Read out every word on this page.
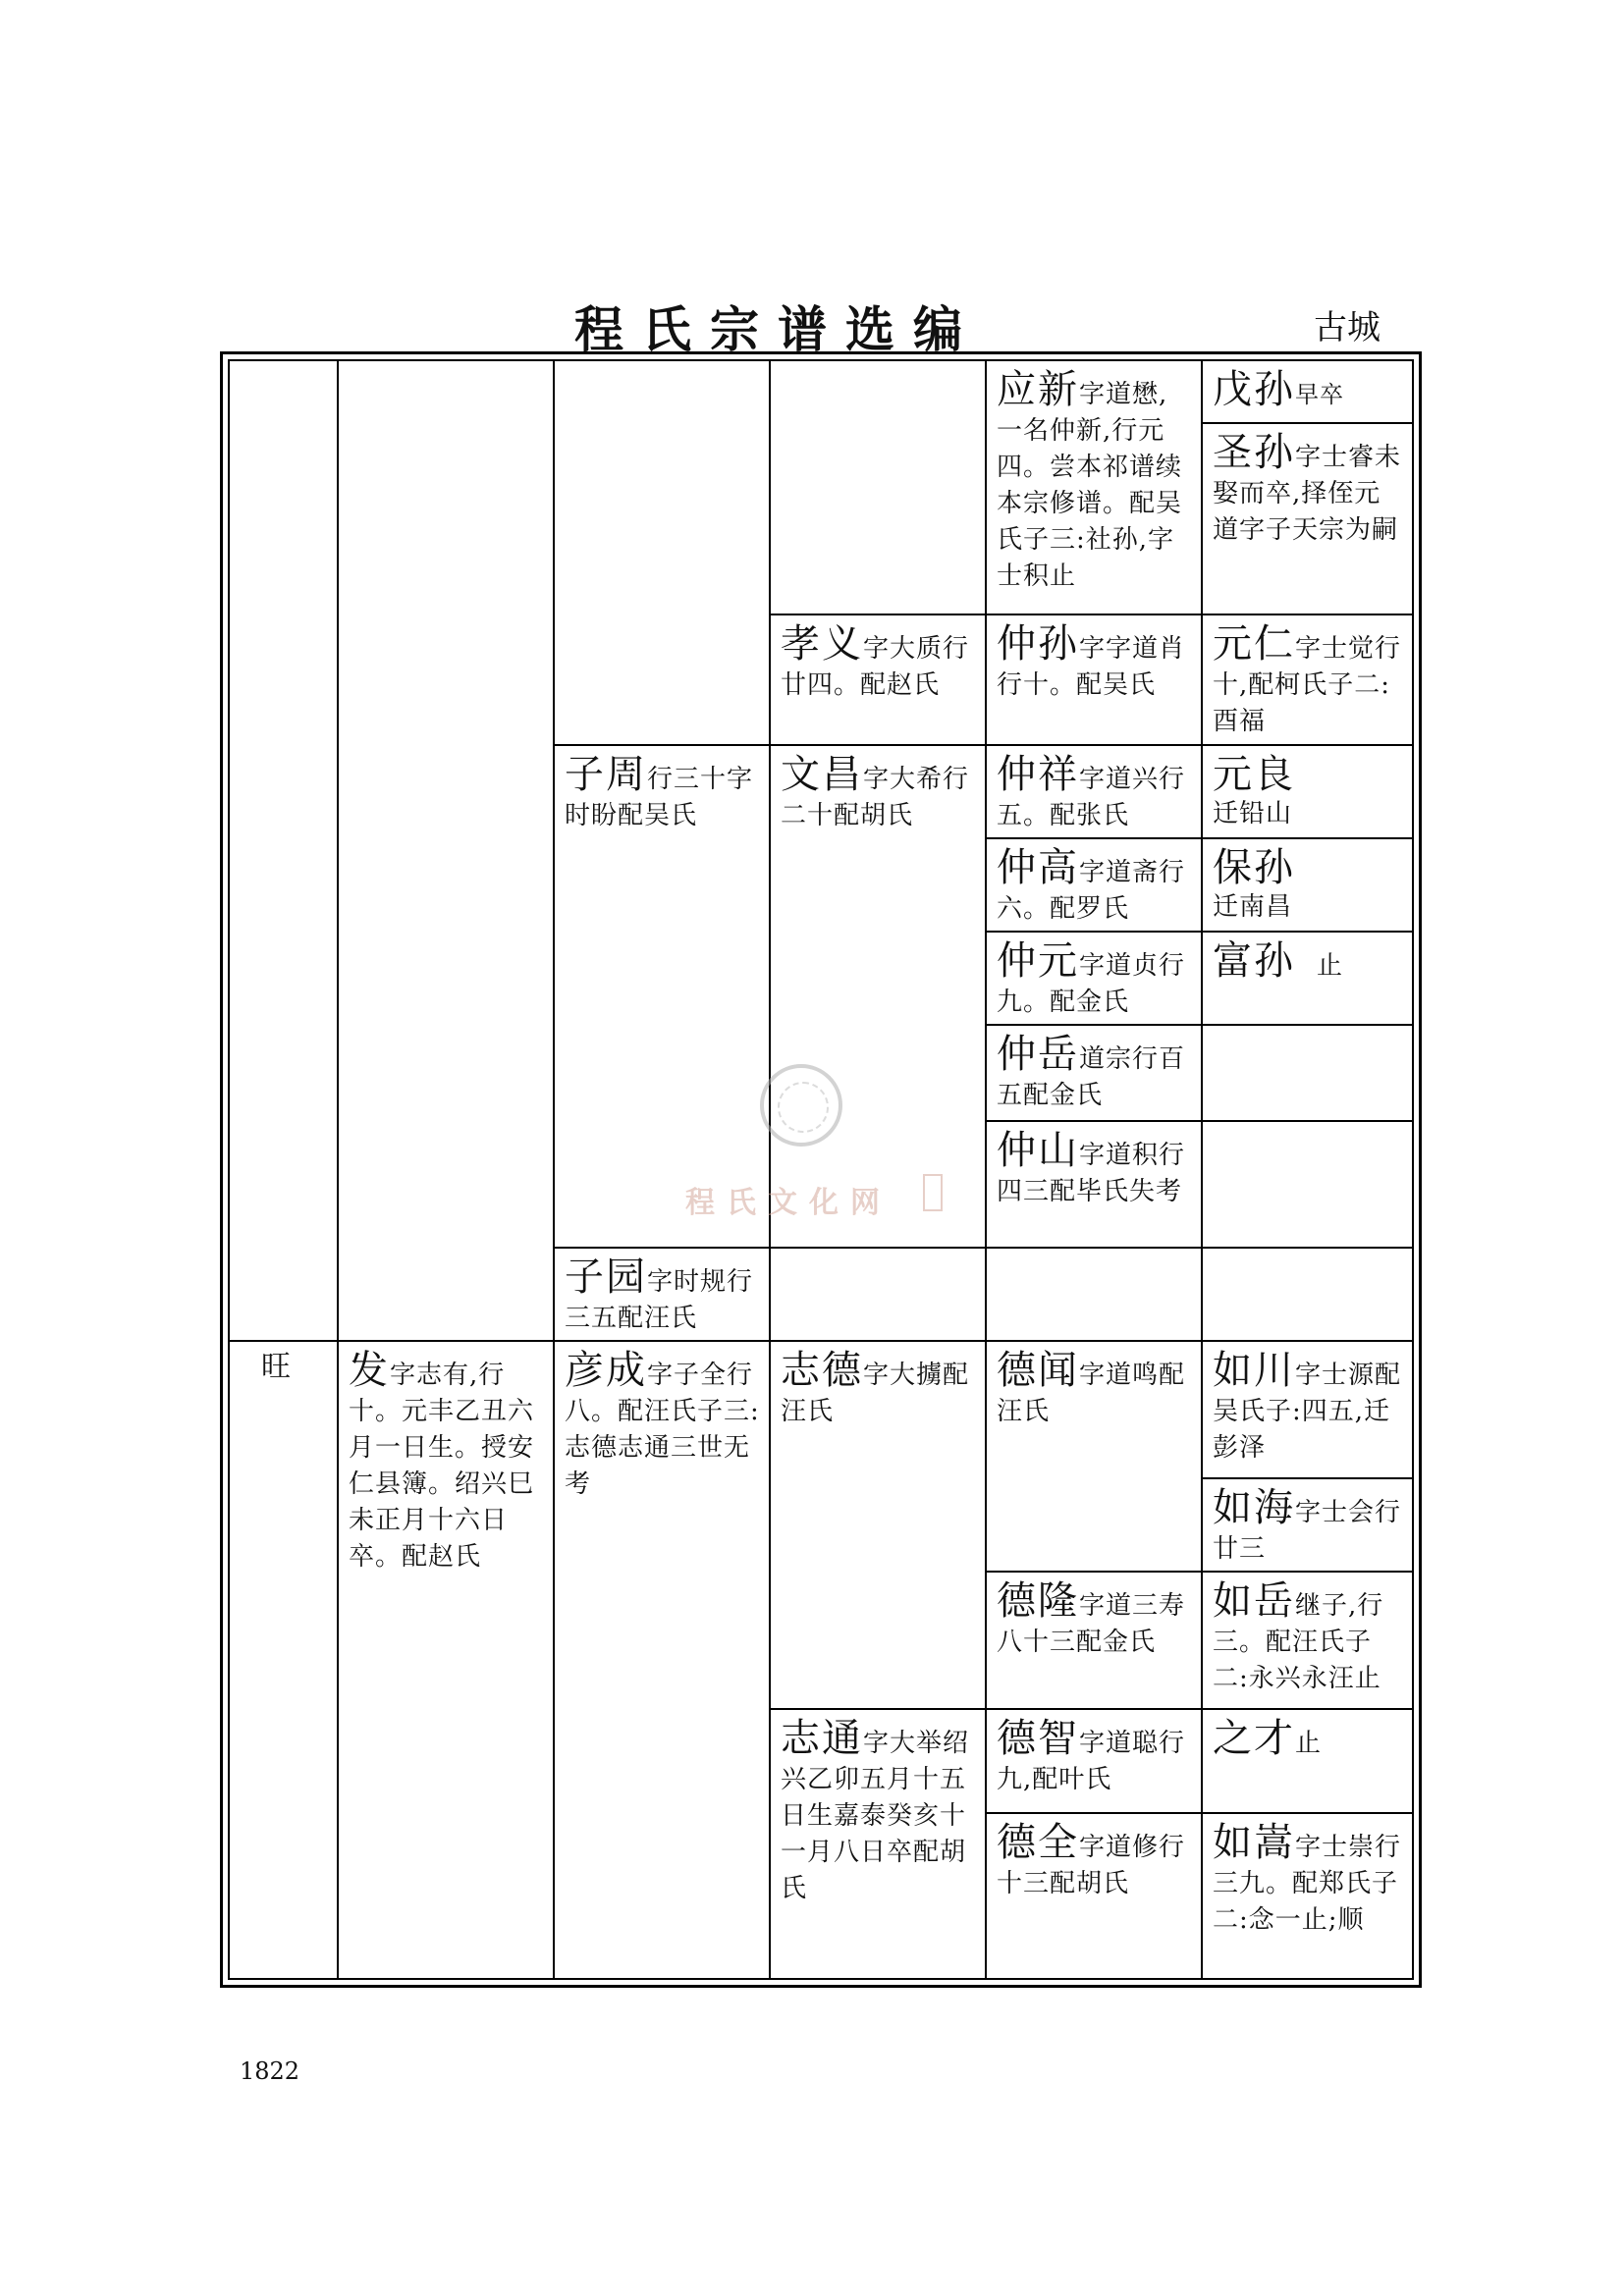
程氏宗谱选编	古城
程氏文化网
旺	发字志有,行十。元丰乙丑六月一日生。授安仁县簿。绍兴巳未正月十六日卒。配赵氏
子周行三十字时盼配吴氏
子园字时规行三五配汪氏
彦成字子全行八。配汪氏子三:志德志通三世无考
孝义字大质行廿四。配赵氏
文昌字大希行二十配胡氏
志德字大擄配汪氏
志通字大举绍兴乙卯五月十五日生嘉泰癸亥十一月八日卒配胡氏
应新字道懋,一名仲新,行元四。尝本祁谱续本宗修谱。配吴氏子三:社孙,字士积止
仲孙字字道肖行十。配吴氏
仲祥字道兴行五。配张氏
仲高字道斋行六。配罗氏
仲元字道贞行九。配金氏
仲岳道宗行百五配金氏
仲山字道积行四三配毕氏失考
德闻字道鸣配汪氏
德隆字道三寿八十三配金氏
德智字道聪行九,配叶氏
德全字道修行十三配胡氏
戊孙早卒
圣孙字士睿未娶而卒,择侄元道字子天宗为嗣
元仁字士觉行十,配柯氏子二:酉福
元良
迁铅山
保孙
迁南昌
富孙 止
如川字士源配吴氏子:四五,迁彭泽
如海字士会行廿三
如岳继子,行三。配汪氏子二:永兴永汪止
之才止
如嵩字士崇行三九。配郑氏子二:念一止;顺
1822
